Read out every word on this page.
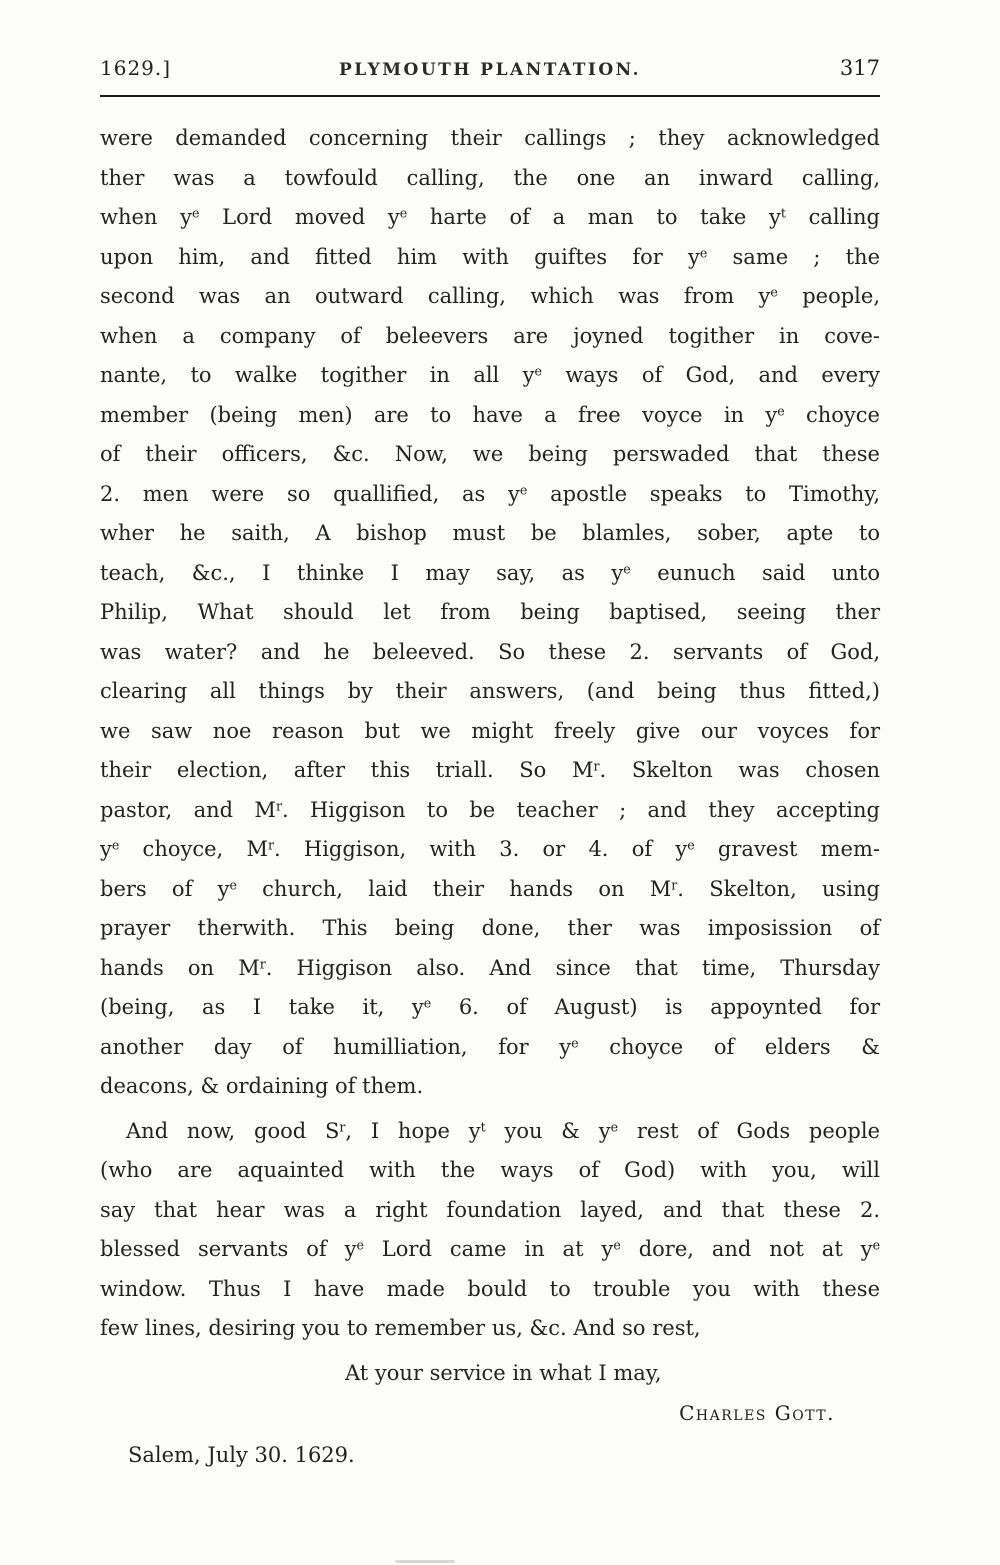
1629.]	PLYMOUTH PLANTATION.	317
were demanded concerning their callings ; they acknowledged
ther was a towfould calling, the one an inward calling,
when $y^e$ Lord moved $y^e$ harte of a man to take $y^t$ calling
upon him, and fitted him with guiftes for $y^e$ same ; the
second was an outward calling, which was from $y^e$ people,
when a company of beleevers are joyned togither in cove-
nante, to walke togither in all $y^e$ ways of God, and every
member (being men) are to have a free voyce in $y^e$ choyce
of their officers, &c. Now, we being perswaded that these
2. men were so quallified, as $y^e$ apostle speaks to Timothy,
wher he saith, A bishop must be blamles, sober, apte to
teach, &c., I thinke I may say, as $y^e$ eunuch said unto
Philip, What should let from being baptised, seeing ther
was water? and he beleeved. So these 2. servants of God,
clearing all things by their answers, (and being thus fitted,)
we saw noe reason but we might freely give our voyces for
their election, after this triall. So $M^r$. Skelton was chosen
pastor, and $M^r$. Higgison to be teacher ; and they accepting
$y^e$ choyce, $M^r$. Higgison, with 3. or 4. of $y^e$ gravest mem-
bers of $y^e$ church, laid their hands on $M^r$. Skelton, using
prayer therwith. This being done, ther was imposission of
hands on $M^r$. Higgison also. And since that time, Thursday
(being, as I take it, $y^e$ 6. of August) is appoynted for
another day of humilliation, for $y^e$ choyce of elders &
deacons, & ordaining of them.
And now, good $S^r$, I hope $y^t$ you & $y^e$ rest of Gods people
(who are aquainted with the ways of God) with you, will
say that hear was a right foundation layed, and that these 2.
blessed servants of $y^e$ Lord came in at $y^e$ dore, and not at $y^e$
window. Thus I have made bould to trouble you with these
few lines, desiring you to remember us, &c. And so rest,
At your service in what I may,
Charles Gott.
Salem, July 30. 1629.
